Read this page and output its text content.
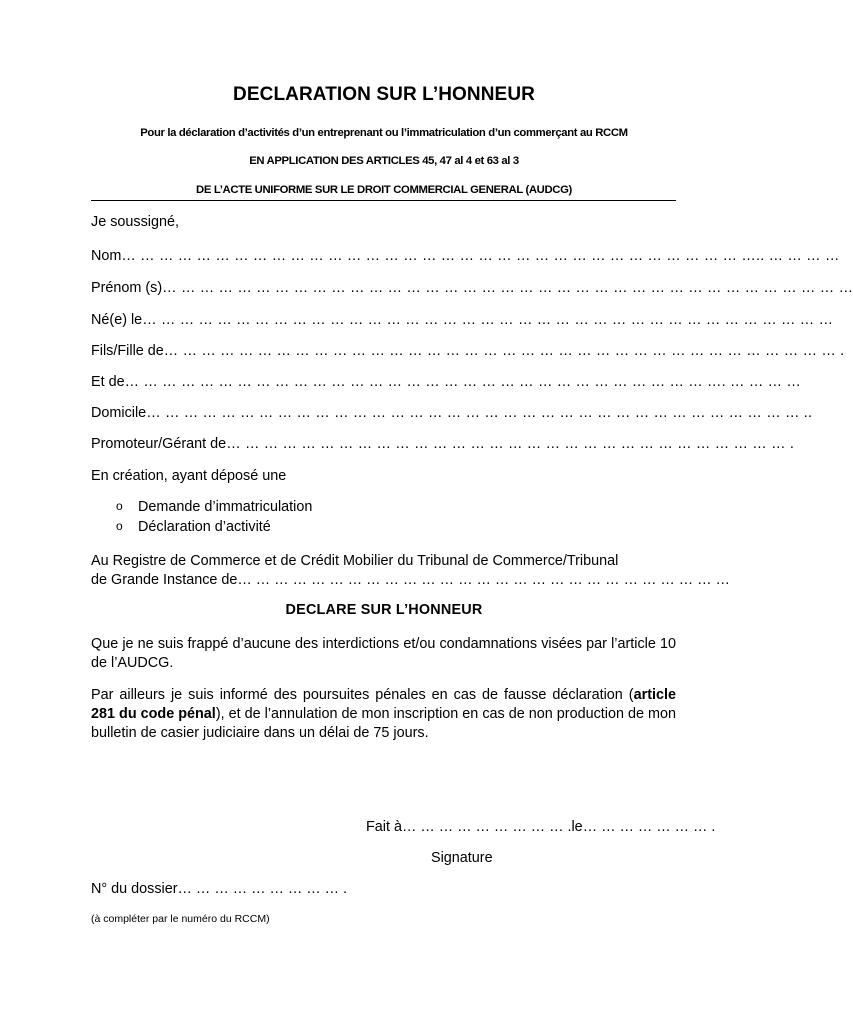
DECLARATION SUR L’HONNEUR
Pour la déclaration d’activités d’un entreprenant ou l’immatriculation d’un commerçant au RCCM
EN APPLICATION DES ARTICLES 45, 47 al 4 et 63 al 3
DE L’ACTE UNIFORME SUR LE DROIT COMMERCIAL GENERAL (AUDCG)
Je soussigné,
Nom… … … … … … … … … … … … … … … … … … … … … … … … … … … … … … … … … ….. … … … …
Prénom (s)… … … … … … … … … … … … … … … … … … … … … … … … … … … … … … … … … … … … …
Né(e) le… … … … … … … … … … … … … … … … … … … … … … … … … … … … … … … … … … … … …
Fils/Fille de… … … … … … … … … … … … … … … … … … … … … … … … … … … … … … … … … … … … .
Et de… … … … … … … … … … … … … … … … … … … … … … … … … … … … … … … …. … … … …
Domicile… … … … … … … … … … … … … … … … … … … … … … … … … … … … … … … … … … … ..
Promoteur/Gérant de… … … … … … … … … … … … … … … … … … … … … … … … … … … … … … .
En création, ayant déposé une
o Demande d’immatriculation
o Déclaration d’activité
Au Registre de Commerce et de Crédit Mobilier du Tribunal de Commerce/Tribunal
de Grande Instance de… … … … … … … … … … … … … … … … … … … … … … … … … … …
DECLARE SUR L’HONNEUR
Que je ne suis frappé d’aucune des interdictions et/ou condamnations visées par l’article 10 de l’AUDCG.
Par ailleurs je suis informé des poursuites pénales en cas de fausse déclaration (article 281 du code pénal), et de l’annulation de mon inscription en cas de non production de mon bulletin de casier judiciaire dans un délai de 75 jours.
Fait à… … … … … … … … … .le… … … … … … … .
Signature
N° du dossier… … … … … … … … … .
(à compléter par le numéro du RCCM)
